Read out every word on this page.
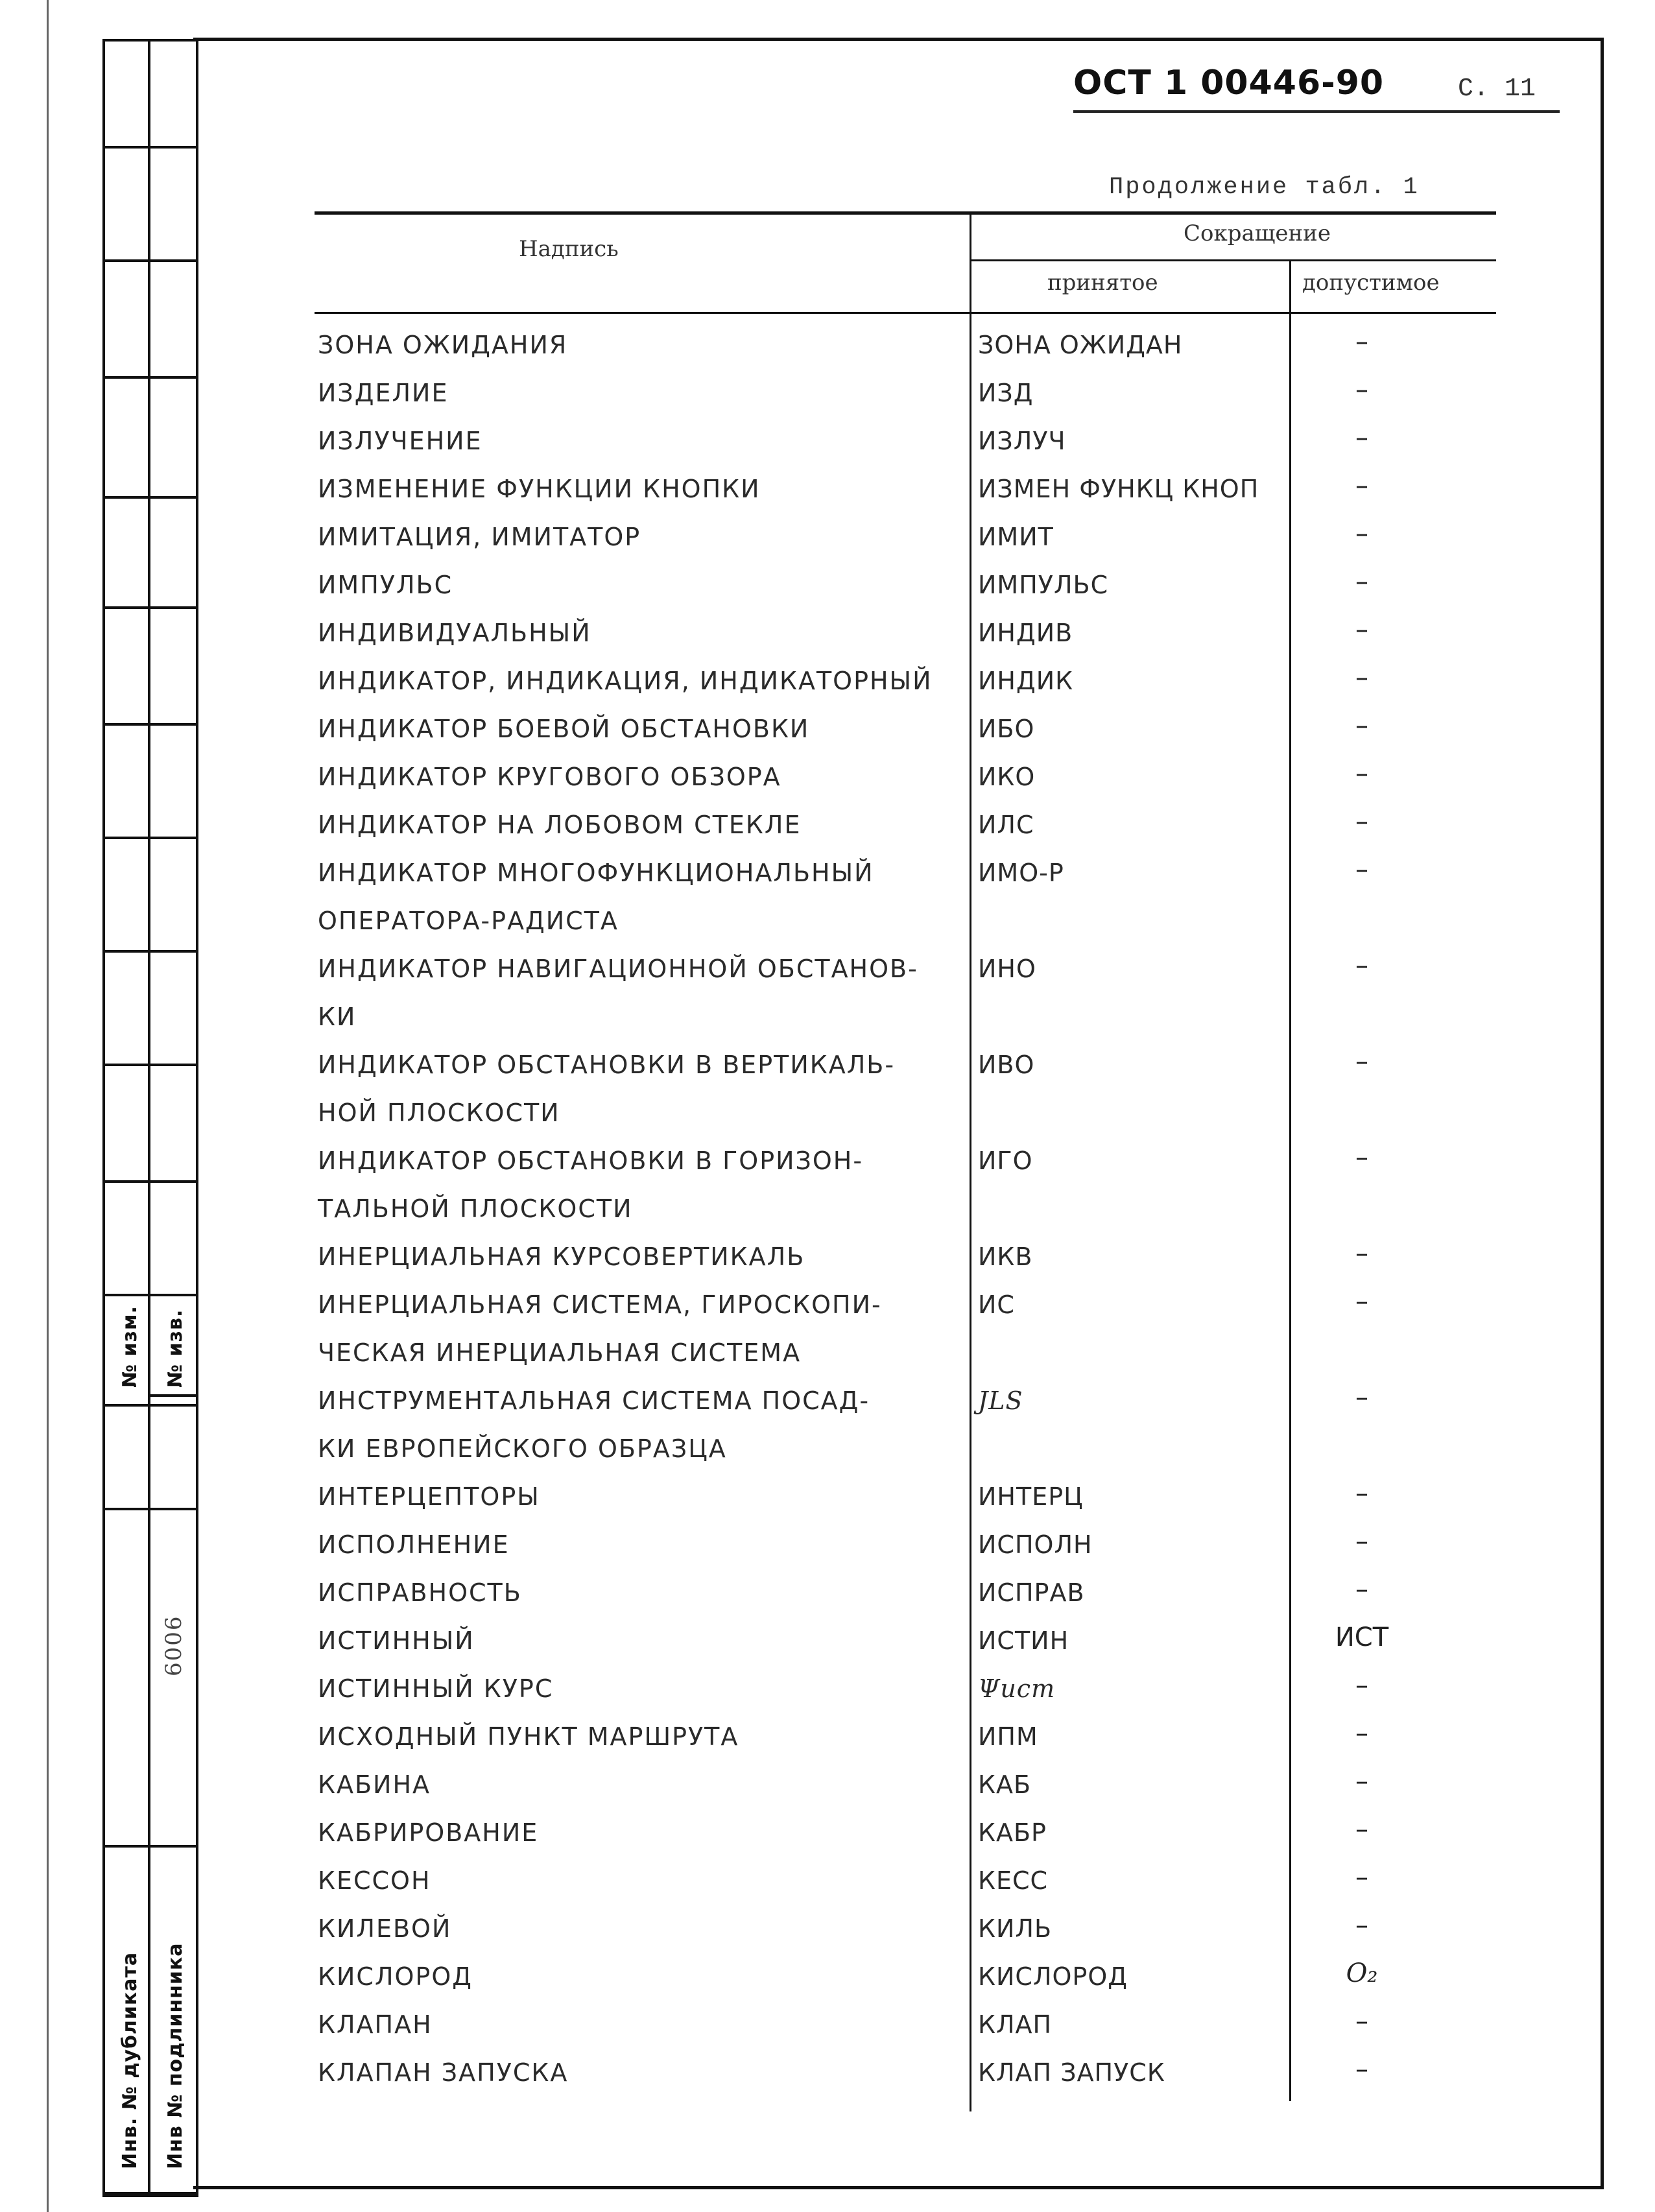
№ изм. № изв.
6006
Инв. № дубликата Инв № подлинника
ОСТ 1 00446-90	С. 11
Продолжение табл. 1
Надпись
Сокращение
принятое	допустимое
ЗОНА ОЖИДАНИЯ	ЗОНА ОЖИДАН	–
ИЗДЕЛИЕ	ИЗД	–
ИЗЛУЧЕНИЕ	ИЗЛУЧ	–
ИЗМЕНЕНИЕ ФУНКЦИИ КНОПКИ	ИЗМЕН ФУНКЦ КНОП	–
ИМИТАЦИЯ, ИМИТАТОР	ИМИТ	–
ИМПУЛЬС	ИМПУЛЬС	–
ИНДИВИДУАЛЬНЫЙ	ИНДИВ	–
ИНДИКАТОР, ИНДИКАЦИЯ, ИНДИКАТОРНЫЙ ИНДИК	–
ИНДИКАТОР БОЕВОЙ ОБСТАНОВКИ	ИБО	–
ИНДИКАТОР КРУГОВОГО ОБЗОРА	ИКО	–
ИНДИКАТОР НА ЛОБОВОМ СТЕКЛЕ	ИЛС	–
ИНДИКАТОР МНОГОФУНКЦИОНАЛЬНЫЙ
ОПЕРАТОРА-РАДИСТА
ИМО-Р	–
ИНДИКАТОР НАВИГАЦИОННОЙ ОБСТАНОВ-
КИ
ИНО	–
ИНДИКАТОР ОБСТАНОВКИ В ВЕРТИКАЛЬ-
НОЙ ПЛОСКОСТИ
ИВО	–
ИНДИКАТОР ОБСТАНОВКИ В ГОРИЗОН-
ТАЛЬНОЙ ПЛОСКОСТИ
ИГО	–
ИНЕРЦИАЛЬНАЯ КУРСОВЕРТИКАЛЬ	ИКВ	–
ИНЕРЦИАЛЬНАЯ СИСТЕМА, ГИРОСКОПИ-
ЧЕСКАЯ ИНЕРЦИАЛЬНАЯ СИСТЕМА
ИС	–
ИНСТРУМЕНТАЛЬНАЯ СИСТЕМА ПОСАД-
КИ ЕВРОПЕЙСКОГО ОБРАЗЦА
JLS	–
ИНТЕРЦЕПТОРЫ	ИНТЕРЦ	–
ИСПОЛНЕНИЕ	ИСПОЛН	–
ИСПРАВНОСТЬ	ИСПРАВ	–
ИСТИННЫЙ	ИСТИН	ИСТ
ИСТИННЫЙ КУРС	Ψист	–
ИСХОДНЫЙ ПУНКТ МАРШРУТА	ИПМ	–
КАБИНА	КАБ	–
КАБРИРОВАНИЕ	КАБР	–
КЕССОН	КЕСС	–
КИЛЕВОЙ	КИЛЬ	–
КИСЛОРОД	КИСЛОРОД	O₂
КЛАПАН	КЛАП	–
КЛАПАН ЗАПУСКА	КЛАП ЗАПУСК	–
